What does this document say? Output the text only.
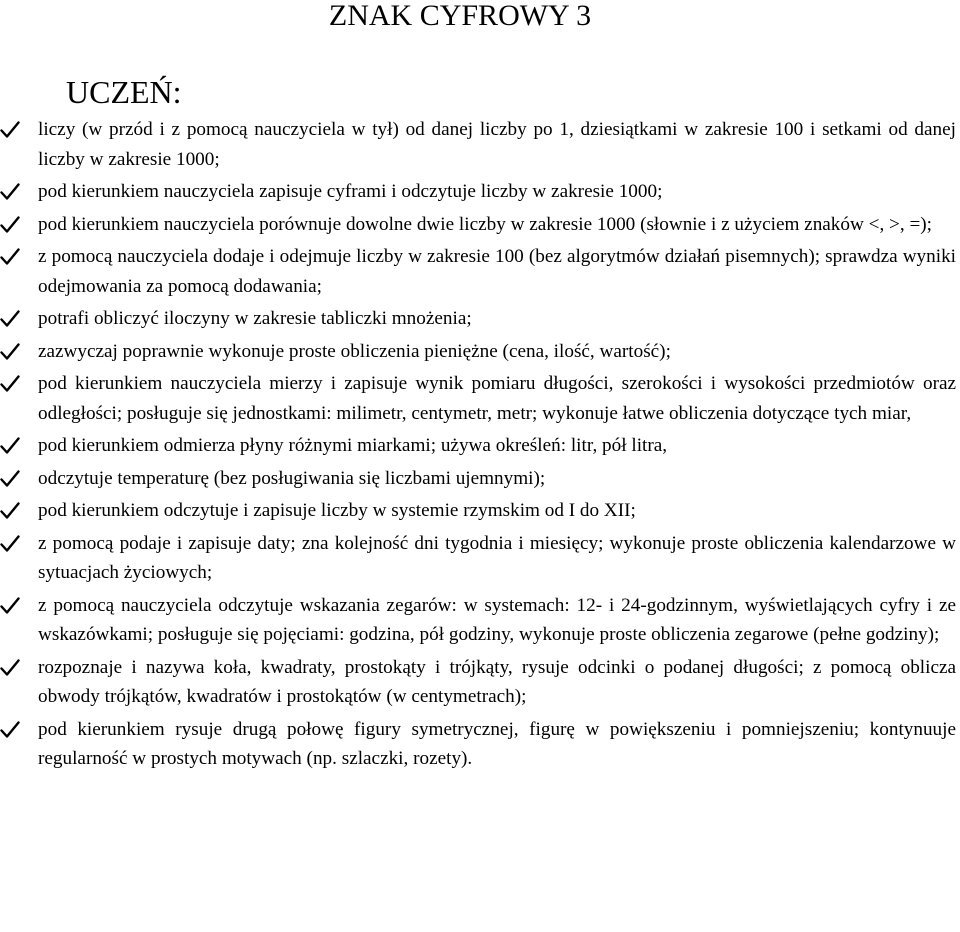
ZNAK CYFROWY 3
UCZEŃ:
liczy (w przód i z pomocą nauczyciela w tył) od danej liczby po 1, dziesiątkami w zakresie 100 i setkami od danej liczby w zakresie 1000;
pod kierunkiem nauczyciela zapisuje cyframi i odczytuje liczby w zakresie 1000;
pod kierunkiem nauczyciela porównuje dowolne dwie liczby w zakresie 1000 (słownie i z użyciem znaków <, >, =);
z pomocą nauczyciela dodaje i odejmuje liczby w zakresie 100 (bez algorytmów działań pisemnych); sprawdza wyniki odejmowania za pomocą dodawania;
potrafi obliczyć iloczyny w zakresie tabliczki mnożenia;
zazwyczaj poprawnie wykonuje proste obliczenia pieniężne (cena, ilość, wartość);
pod kierunkiem nauczyciela mierzy i zapisuje wynik pomiaru długości, szerokości i wysokości przedmiotów oraz odległości; posługuje się jednostkami: milimetr, centymetr, metr; wykonuje łatwe obliczenia dotyczące tych miar,
pod kierunkiem odmierza płyny różnymi miarkami; używa określeń: litr, pół litra,
odczytuje temperaturę (bez posługiwania się liczbami ujemnymi);
pod kierunkiem odczytuje i zapisuje liczby w systemie rzymskim od I do XII;
z pomocą podaje i zapisuje daty; zna kolejność dni tygodnia i miesięcy; wykonuje proste obliczenia kalendarzowe w sytuacjach życiowych;
z pomocą nauczyciela odczytuje wskazania zegarów: w systemach: 12- i 24-godzinnym, wyświetlających cyfry i ze wskazówkami; posługuje się pojęciami: godzina, pół godziny, wykonuje proste obliczenia zegarowe (pełne godziny);
rozpoznaje i nazywa koła, kwadraty, prostokąty i trójkąty, rysuje odcinki o podanej długości; z pomocą oblicza obwody trójkątów, kwadratów i prostokątów (w centymetrach);
pod kierunkiem rysuje drugą połowę figury symetrycznej, figurę w powiększeniu i pomniejszeniu; kontynuuje regularność w prostych motywach (np. szlaczki, rozety).
